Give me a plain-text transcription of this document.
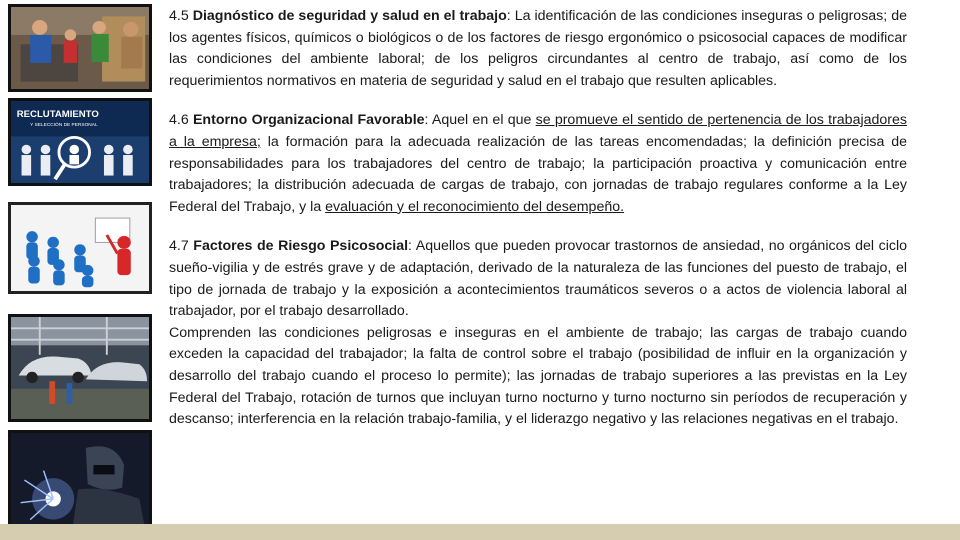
RECLUTAMIENTO
Y SELECCIÓN DE PERSONAL

4.5 Diagnóstico de seguridad y salud en el trabajo: La identificación de las condiciones inseguras o peligrosas; de los agentes físicos, químicos o biológicos o de los factores de riesgo ergonómico o psicosocial capaces de modificar las condiciones del ambiente laboral; de los peligros circundantes al centro de trabajo, así como de los requerimientos normativos en materia de seguridad y salud en el trabajo que resulten aplicables.

4.6 Entorno Organizacional Favorable: Aquel en el que se promueve el sentido de pertenencia de los trabajadores a la empresa; la formación para la adecuada realización de las tareas encomendadas; la definición precisa de responsabilidades para los trabajadores del centro de trabajo; la participación proactiva y comunicación entre trabajadores; la distribución adecuada de cargas de trabajo, con jornadas de trabajo regulares conforme a la Ley Federal del Trabajo, y la evaluación y el reconocimiento del desempeño.

4.7 Factores de Riesgo Psicosocial: Aquellos que pueden provocar trastornos de ansiedad, no orgánicos del ciclo sueño-vigilia y de estrés grave y de adaptación, derivado de la naturaleza de las funciones del puesto de trabajo, el tipo de jornada de trabajo y la exposición a acontecimientos traumáticos severos o a actos de violencia laboral al trabajador, por el trabajo desarrollado.
Comprenden las condiciones peligrosas e inseguras en el ambiente de trabajo; las cargas de trabajo cuando exceden la capacidad del trabajador; la falta de control sobre el trabajo (posibilidad de influir en la organización y desarrollo del trabajo cuando el proceso lo permite); las jornadas de trabajo superiores a las previstas en la Ley Federal del Trabajo, rotación de turnos que incluyan turno nocturno y turno nocturno sin períodos de recuperación y descanso; interferencia en la relación trabajo-familia, y el liderazgo negativo y las relaciones negativas en el trabajo.
